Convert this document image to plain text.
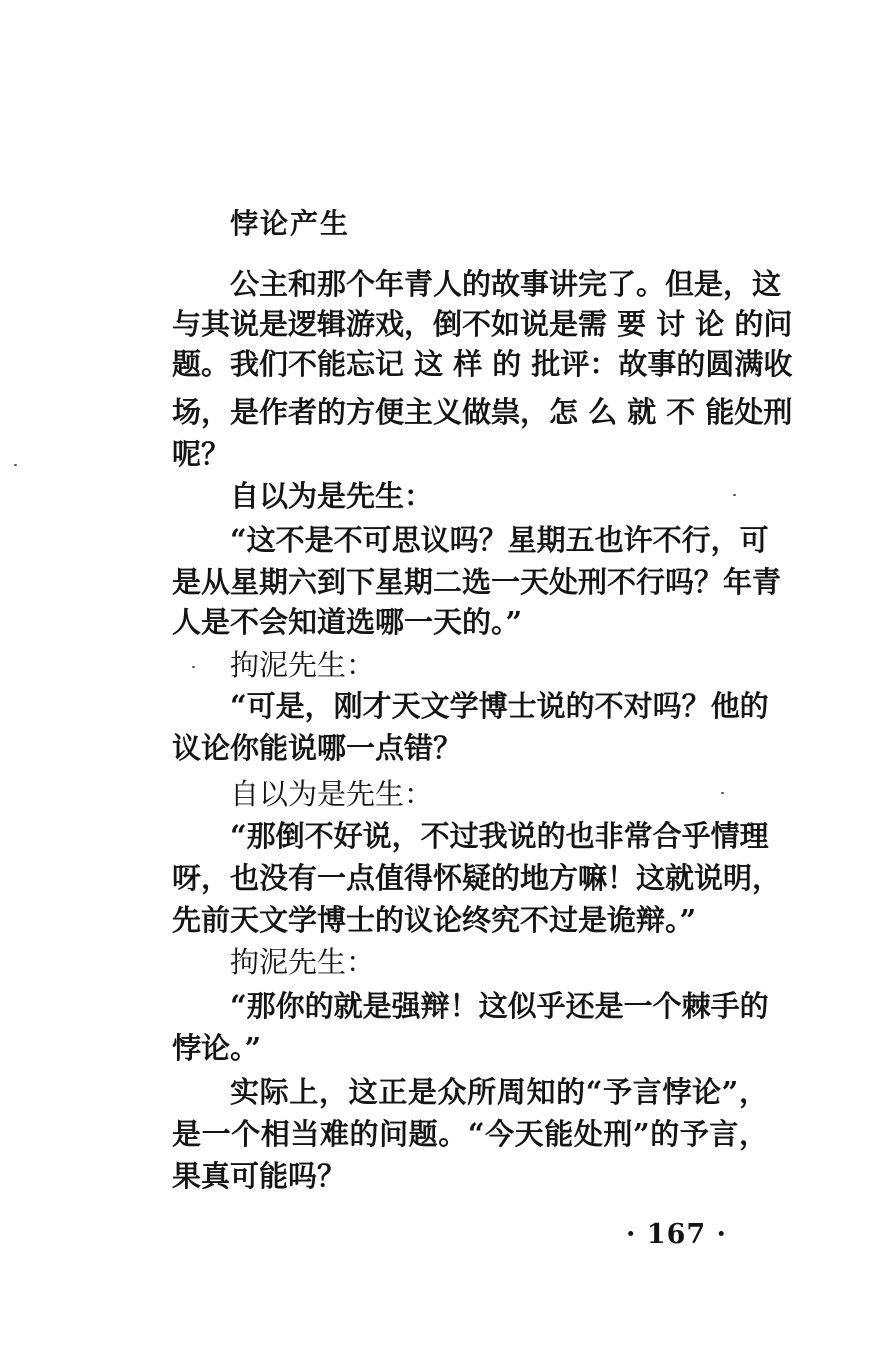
悖论产生
公主和那个年青人的故事讲完了。但是，这
与其说是逻辑游戏，倒不如说是需 要 讨 论 的问
题。我们不能忘记 这 样 的 批评：故事的圆满收
场，是作者的方便主义做祟，怎 么 就 不 能处刑
呢？
自以为是先生：
“这不是不可思议吗？星期五也许不行，可
是从星期六到下星期二选一天处刑不行吗？年青
人是不会知道选哪一天的。”
拘泥先生：
“可是，刚才天文学博士说的不对吗？他的
议论你能说哪一点错？
自以为是先生：
“那倒不好说，不过我说的也非常合乎情理
呀，也没有一点值得怀疑的地方嘛！这就说明，
先前天文学博士的议论终究不过是诡辩。”
拘泥先生：
“那你的就是强辩！这似乎还是一个棘手的
悖论。”
实际上，这正是众所周知的“予言悖论”，
是一个相当难的问题。“今天能处刑”的予言，
果真可能吗？
· 167 ·
